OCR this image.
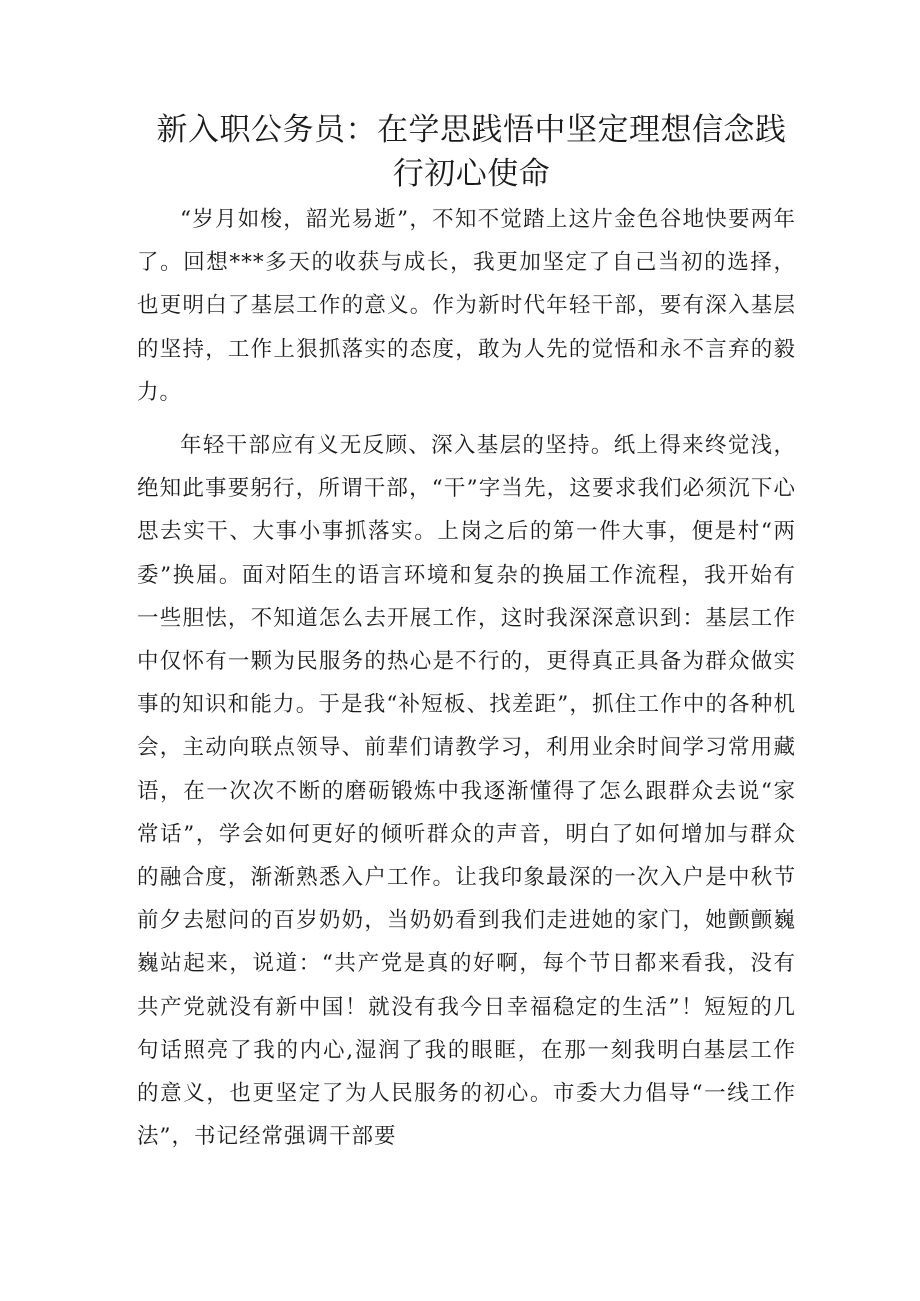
新入职公务员：在学思践悟中坚定理想信念践行初心使命

“岁月如梭，韶光易逝”，不知不觉踏上这片金色谷地快要两年了。回想***多天的收获与成长，我更加坚定了自己当初的选择，也更明白了基层工作的意义。作为新时代年轻干部，要有深入基层的坚持，工作上狠抓落实的态度，敢为人先的觉悟和永不言弃的毅力。

年轻干部应有义无反顾、深入基层的坚持。纸上得来终觉浅，绝知此事要躬行，所谓干部，“干”字当先，这要求我们必须沉下心思去实干、大事小事抓落实。上岗之后的第一件大事，便是村“两委”换届。面对陌生的语言环境和复杂的换届工作流程，我开始有一些胆怯，不知道怎么去开展工作，这时我深深意识到：基层工作中仅怀有一颗为民服务的热心是不行的，更得真正具备为群众做实事的知识和能力。于是我“补短板、找差距”，抓住工作中的各种机会，主动向联点领导、前辈们请教学习，利用业余时间学习常用藏语，在一次次不断的磨砺锻炼中我逐渐懂得了怎么跟群众去说“家常话”，学会如何更好的倾听群众的声音，明白了如何增加与群众的融合度，渐渐熟悉入户工作。让我印象最深的一次入户是中秋节前夕去慰问的百岁奶奶，当奶奶看到我们走进她的家门，她颤颤巍巍站起来，说道：“共产党是真的好啊，每个节日都来看我，没有共产党就没有新中国！就没有我今日幸福稳定的生活”！短短的几句话照亮了我的内心,湿润了我的眼眶，在那一刻我明白基层工作的意义，也更坚定了为人民服务的初心。市委大力倡导“一线工作法”，书记经常强调干部要
